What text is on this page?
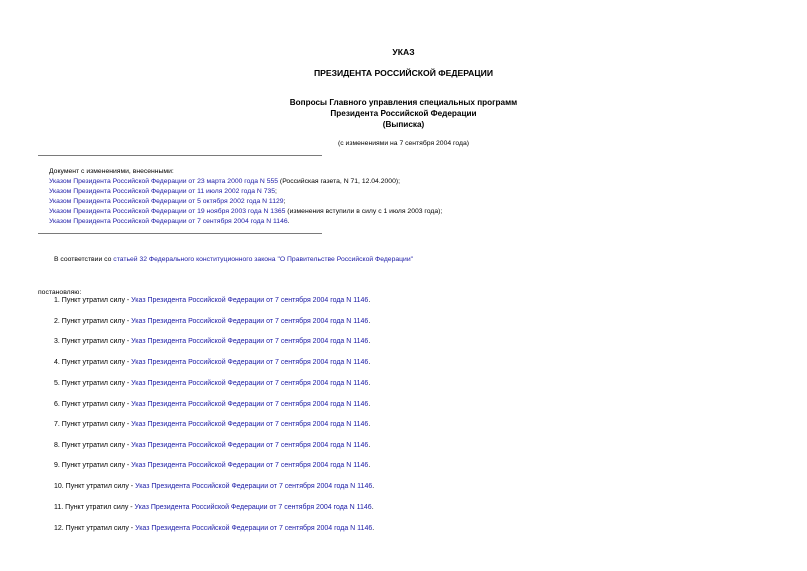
УКАЗ
ПРЕЗИДЕНТА РОССИЙСКОЙ ФЕДЕРАЦИИ
Вопросы Главного управления специальных программ
Президента Российской Федерации
(Выписка)
(с изменениями на 7 сентября 2004 года)
Документ с изменениями, внесенными:
Указом Президента Российской Федерации от 23 марта 2000 года N 555 (Российская газета, N 71, 12.04.2000);
Указом Президента Российской Федерации от 11 июля 2002 года N 735;
Указом Президента Российской Федерации от 5 октября 2002 года N 1129;
Указом Президента Российской Федерации от 19 ноября 2003 года N 1365 (изменения вступили в силу с 1 июля 2003 года);
Указом Президента Российской Федерации от 7 сентября 2004 года N 1146.
В соответствии со статьей 32 Федерального конституционного закона "О Правительстве Российской Федерации"
постановляю:
1. Пункт утратил силу - Указ Президента Российской Федерации от 7 сентября 2004 года N 1146.
2. Пункт утратил силу - Указ Президента Российской Федерации от 7 сентября 2004 года N 1146.
3. Пункт утратил силу - Указ Президента Российской Федерации от 7 сентября 2004 года N 1146.
4. Пункт утратил силу - Указ Президента Российской Федерации от 7 сентября 2004 года N 1146.
5. Пункт утратил силу - Указ Президента Российской Федерации от 7 сентября 2004 года N 1146.
6. Пункт утратил силу - Указ Президента Российской Федерации от 7 сентября 2004 года N 1146.
7. Пункт утратил силу - Указ Президента Российской Федерации от 7 сентября 2004 года N 1146.
8. Пункт утратил силу - Указ Президента Российской Федерации от 7 сентября 2004 года N 1146.
9. Пункт утратил силу - Указ Президента Российской Федерации от 7 сентября 2004 года N 1146.
10. Пункт утратил силу - Указ Президента Российской Федерации от 7 сентября 2004 года N 1146.
11. Пункт утратил силу - Указ Президента Российской Федерации от 7 сентября 2004 года N 1146.
12. Пункт утратил силу - Указ Президента Российской Федерации от 7 сентября 2004 года N 1146.
